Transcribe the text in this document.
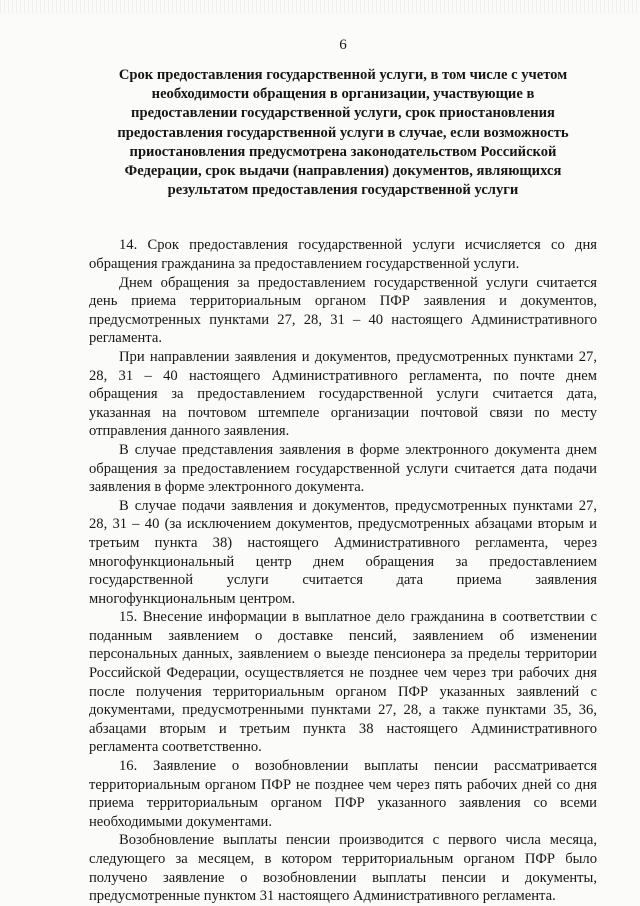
6
Срок предоставления государственной услуги, в том числе с учетом
необходимости обращения в организации, участвующие в
предоставлении государственной услуги, срок приостановления
предоставления государственной услуги в случае, если возможность
приостановления предусмотрена законодательством Российской
Федерации, срок выдачи (направления) документов, являющихся
результатом предоставления государственной услуги

14. Срок предоставления государственной услуги исчисляется со дня обращения гражданина за предоставлением государственной услуги.

Днем обращения за предоставлением государственной услуги считается день приема территориальным органом ПФР заявления и документов, предусмотренных пунктами 27, 28, 31 – 40 настоящего Административного регламента.

При направлении заявления и документов, предусмотренных пунктами 27, 28, 31 – 40 настоящего Административного регламента, по почте днем обращения за предоставлением государственной услуги считается дата, указанная на почтовом штемпеле организации почтовой связи по месту отправления данного заявления.

В случае представления заявления в форме электронного документа днем обращения за предоставлением государственной услуги считается дата подачи заявления в форме электронного документа.

В случае подачи заявления и документов, предусмотренных пунктами 27, 28, 31 – 40 (за исключением документов, предусмотренных абзацами вторым и третьим пункта 38) настоящего Административного регламента, через многофункциональный центр днем обращения за предоставлением государственной услуги считается дата приема заявления многофункциональным центром.

15. Внесение информации в выплатное дело гражданина в соответствии с поданным заявлением о доставке пенсий, заявлением об изменении персональных данных, заявлением о выезде пенсионера за пределы территории Российской Федерации, осуществляется не позднее чем через три рабочих дня после получения территориальным органом ПФР указанных заявлений с документами, предусмотренными пунктами 27, 28, а также пунктами 35, 36, абзацами вторым и третьим пункта 38 настоящего Административного регламента соответственно.

16. Заявление о возобновлении выплаты пенсии рассматривается территориальным органом ПФР не позднее чем через пять рабочих дней со дня приема территориальным органом ПФР указанного заявления со всеми необходимыми документами.

Возобновление выплаты пенсии производится с первого числа месяца, следующего за месяцем, в котором территориальным органом ПФР было получено заявление о возобновлении выплаты пенсии и документы, предусмотренные пунктом 31 настоящего Административного регламента.
